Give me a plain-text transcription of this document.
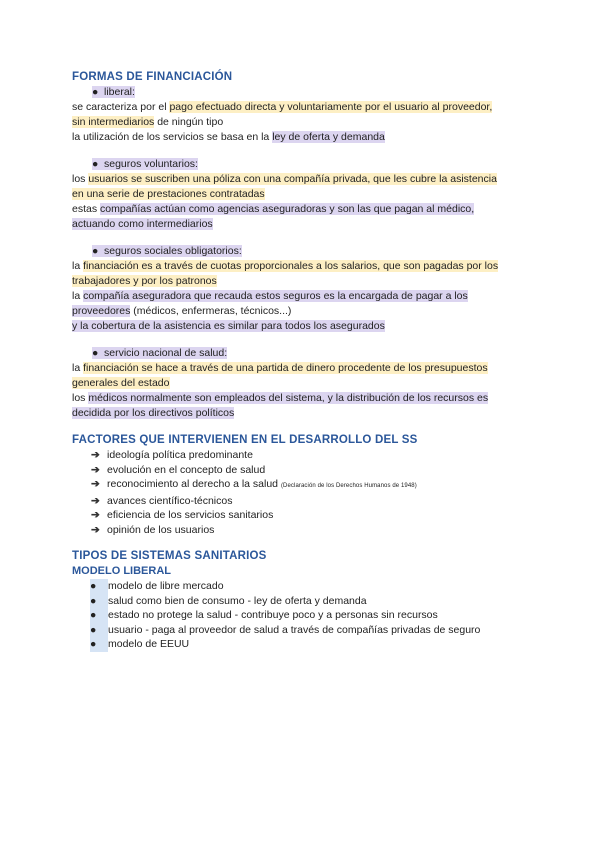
FORMAS DE FINANCIACIÓN

● liberal:

se caracteriza por el pago efectuado directa y voluntariamente por el usuario al proveedor,

sin intermediarios de ningún tipo

la utilización de los servicios se basa en la ley de oferta y demanda

● seguros voluntarios:

los usuarios se suscriben una póliza con una compañía privada, que les cubre la asistencia

en una serie de prestaciones contratadas

estas compañías actúan como agencias aseguradoras y son las que pagan al médico,

actuando como intermediarios

● seguros sociales obligatorios:

la financiación es a través de cuotas proporcionales a los salarios, que son pagadas por los

trabajadores y por los patronos

la compañía aseguradora que recauda estos seguros es la encargada de pagar a los

proveedores (médicos, enfermeras, técnicos...)

y la cobertura de la asistencia es similar para todos los asegurados

● servicio nacional de salud:

la financiación se hace a través de una partida de dinero procedente de los presupuestos

generales del estado

los médicos normalmente son empleados del sistema, y la distribución de los recursos es

decidida por los directivos políticos

FACTORES QUE INTERVIENEN EN EL DESARROLLO DEL SS
➔ ideología política predominante
➔ evolución en el concepto de salud
➔ reconocimiento al derecho a la salud (Declaración de los Derechos Humanos de 1948)
➔ avances científico-técnicos
➔ eficiencia de los servicios sanitarios
➔ opinión de los usuarios
TIPOS DE SISTEMAS SANITARIOS
MODELO LIBERAL
● modelo de libre mercado
● salud como bien de consumo - ley de oferta y demanda
● estado no protege la salud - contribuye poco y a personas sin recursos
● usuario - paga al proveedor de salud a través de compañías privadas de seguro
● modelo de EEUU
